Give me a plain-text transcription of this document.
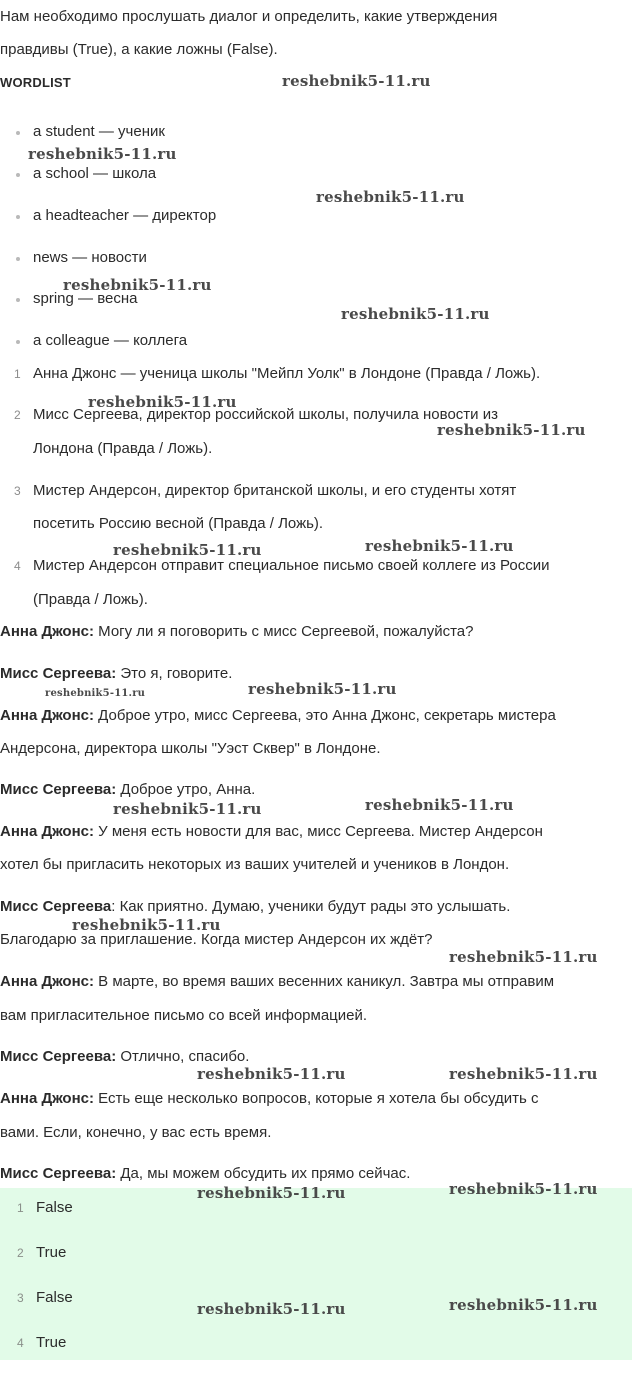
Нам необходимо прослушать диалог и определить, какие утверждения
правдивы (True), а какие ложны (False).
WORDLIST
a student — ученик
a school — школа
a headteacher — директор
news — новости
spring — весна
a colleague — коллега
1 Анна Джонс — ученица школы "Мейпл Уолк" в Лондоне (Правда / Ложь).
2 Мисс Сергеева, директор российской школы, получила новости из
Лондона (Правда / Ложь).
3 Мистер Андерсон, директор британской школы, и его студенты хотят
посетить Россию весной (Правда / Ложь).
4 Мистер Андерсон отправит специальное письмо своей коллеге из России
(Правда / Ложь).
Анна Джонс: Могу ли я поговорить с мисс Сергеевой, пожалуйста?
Мисс Сергеева: Это я, говорите.
Анна Джонс: Доброе утро, мисс Сергеева, это Анна Джонс, секретарь мистера
Андерсона, директора школы "Уэст Сквер" в Лондоне.
Мисс Сергеева: Доброе утро, Анна.
Анна Джонс: У меня есть новости для вас, мисс Сергеева. Мистер Андерсон
хотел бы пригласить некоторых из ваших учителей и учеников в Лондон.
Мисс Сергеева: Как приятно. Думаю, ученики будут рады это услышать.
Благодарю за приглашение. Когда мистер Андерсон их ждёт?
Анна Джонс: В марте, во время ваших весенних каникул. Завтра мы отправим
вам пригласительное письмо со всей информацией.
Мисс Сергеева: Отлично, спасибо.
Анна Джонс: Есть еще несколько вопросов, которые я хотела бы обсудить с
вами. Если, конечно, у вас есть время.
Мисс Сергеева: Да, мы можем обсудить их прямо сейчас.
1 False
2 True
3 False
4 True
reshebnik5-11.ru
reshebnik5-11.ru
reshebnik5-11.ru
reshebnik5-11.ru
reshebnik5-11.ru
reshebnik5-11.ru
reshebnik5-11.ru
reshebnik5-11.ru	reshebnik5-11.ru
reshebnik5-11.ru	reshebnik5-11.ru
reshebnik5-11.ru	reshebnik5-11.ru
reshebnik5-11.ru
reshebnik5-11.ru
reshebnik5-11.ru	reshebnik5-11.ru
reshebnik5-11.ru	reshebnik5-11.ru
reshebnik5-11.ru	reshebnik5-11.ru
